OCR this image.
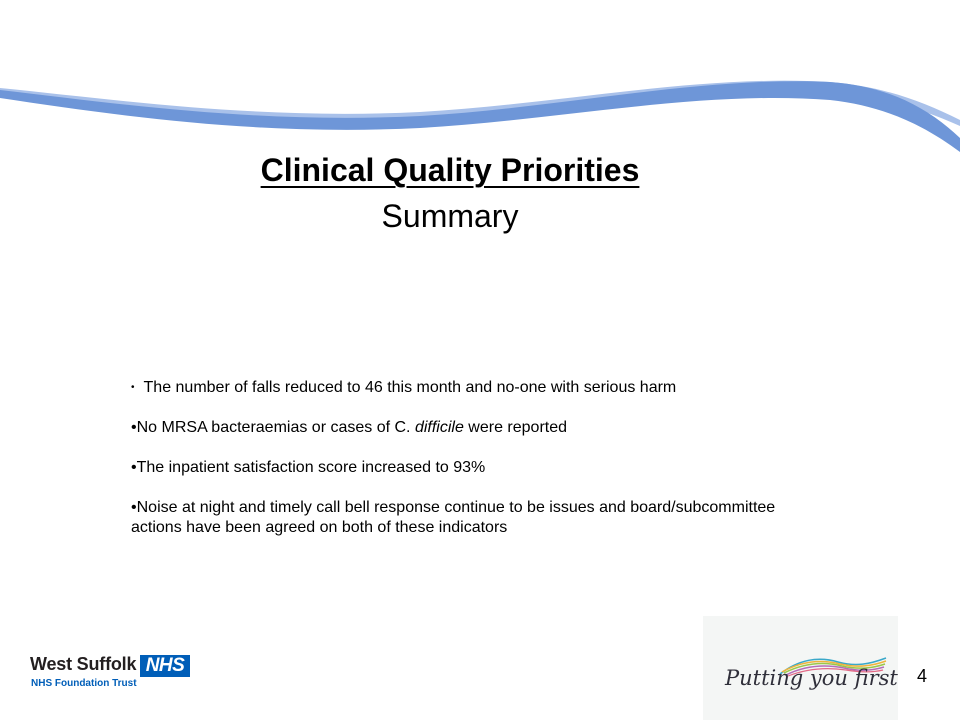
Clinical Quality Priorities
Summary
• The number of falls reduced to 46 this month and no-one with serious harm
•No MRSA bacteraemias or cases of C. difficile were reported
•The inpatient satisfaction score increased to 93%
•Noise at night and timely call bell response continue to be issues and board/subcommittee actions have been agreed on both of these indicators
West Suffolk NHS
NHS Foundation Trust	Putting you first 4
